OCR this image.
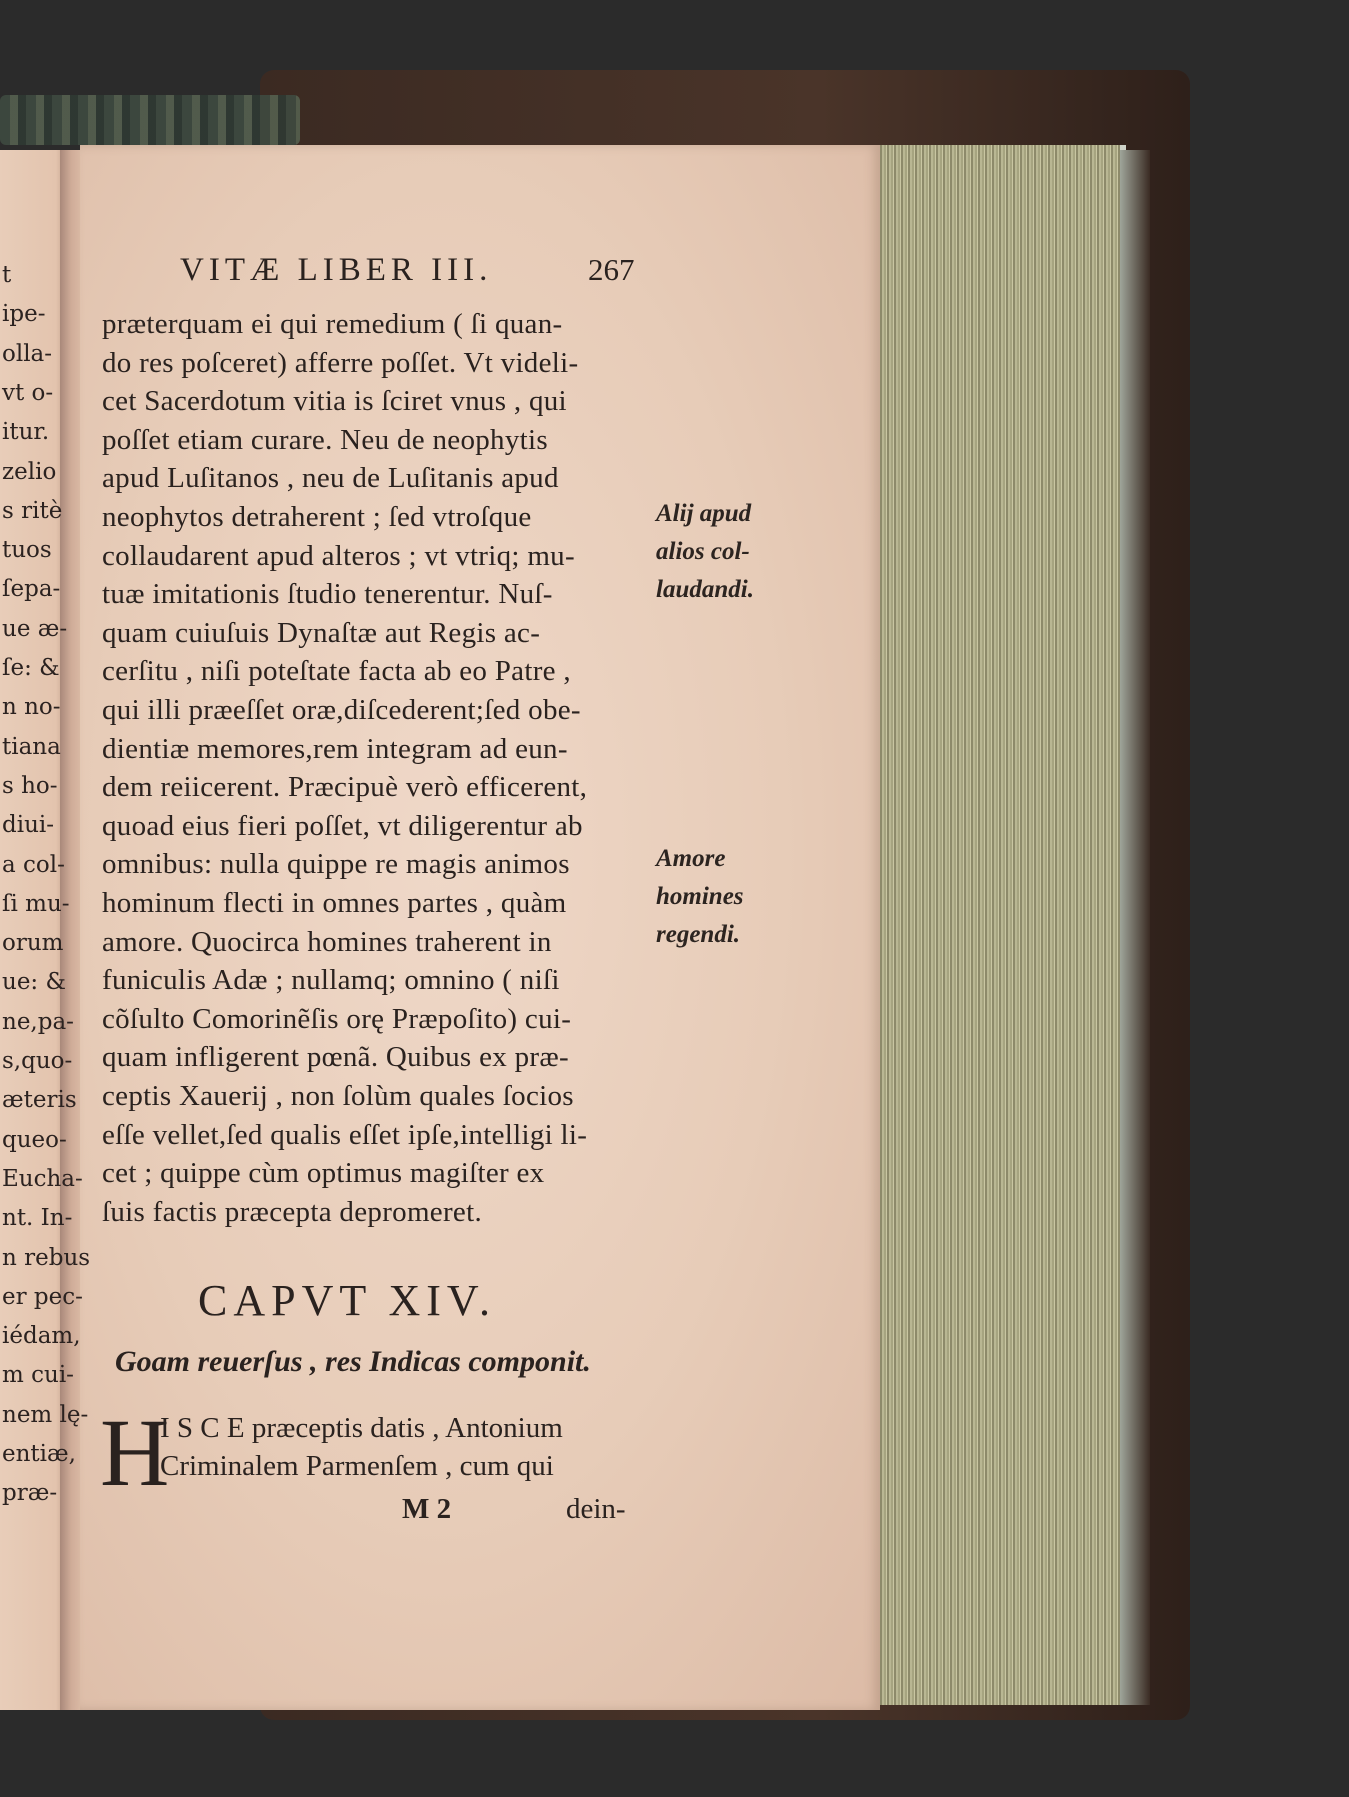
t
ipe-
olla-
vt o-
itur.
zelio
s ritè
tuos
ſepa-
ue æ-
ſe: &
n no-
tiana
s ho-
diui-
a col-
ſi mu-
orum
ue: &
ne,pa-
s,quo-
æteris
queo-
Eucha-
nt. In-
n rebus
er pec-
iédam,
m cui-
nem lę-
entiæ,
præ-
VITÆ LIBER III.	267
præterquam ei qui remedium ( ſi quan-
do res poſceret) afferre poſſet. Vt videli-
cet Sacerdotum vitia is ſciret vnus , qui
poſſet etiam curare. Neu de neophytis
apud Luſitanos , neu de Luſitanis apud
neophytos detraherent ; ſed vtroſque
collaudarent apud alteros ; vt vtriq; mu-
tuæ imitationis ſtudio tenerentur. Nuſ-
quam cuiuſuis Dynaſtæ aut Regis ac-
cerſitu , niſi poteſtate facta ab eo Patre ,
qui illi præeſſet oræ,diſcederent;ſed obe-
dientiæ memores,rem integram ad eun-
dem reiicerent. Præcipuè verò efficerent,
quoad eius fieri poſſet, vt diligerentur ab
omnibus: nulla quippe re magis animos
hominum flecti in omnes partes , quàm
amore. Quocirca homines traherent in
funiculis Adæ ; nullamq; omnino ( niſi
cõſulto Comorinẽſis orę Præpoſito) cui-
quam infligerent pœnã. Quibus ex præ-
ceptis Xauerij , non ſolùm quales ſocios
eſſe vellet,ſed qualis eſſet ipſe,intelligi li-
cet ; quippe cùm optimus magiſter ex
ſuis factis præcepta depromeret.
Alij apud
alios col-
laudandi.
Amore
homines
regendi.
CAPVT XIV.
Goam reuerſus , res Indicas componit.
H
I S C E præceptis datis , Antonium
Criminalem Parmenſem , cum qui
M 2	dein-
